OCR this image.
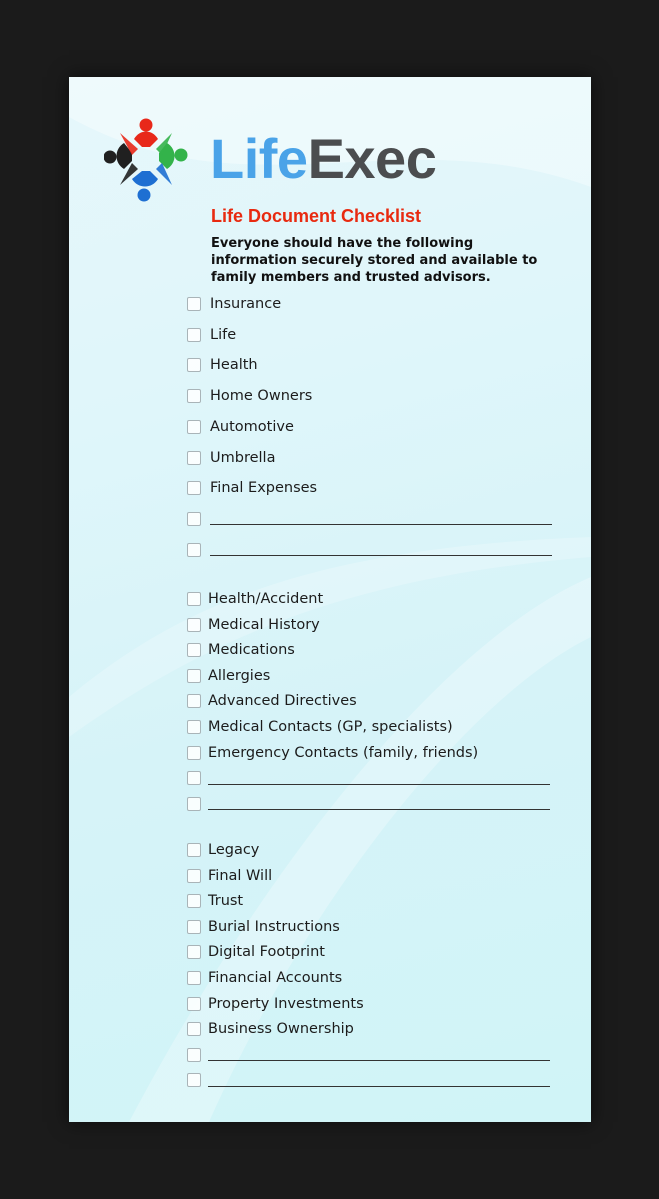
LifeExec
Life Document Checklist
Everyone should have the following information securely stored and available to family members and trusted advisors.
Insurance
Life
Health
Home Owners
Automotive
Umbrella
Final Expenses
Health/Accident
Medical History
Medications
Allergies
Advanced Directives
Medical Contacts (GP, specialists)
Emergency Contacts (family, friends)
Legacy
Final Will
Trust
Burial Instructions
Digital Footprint
Financial Accounts
Property Investments
Business Ownership
